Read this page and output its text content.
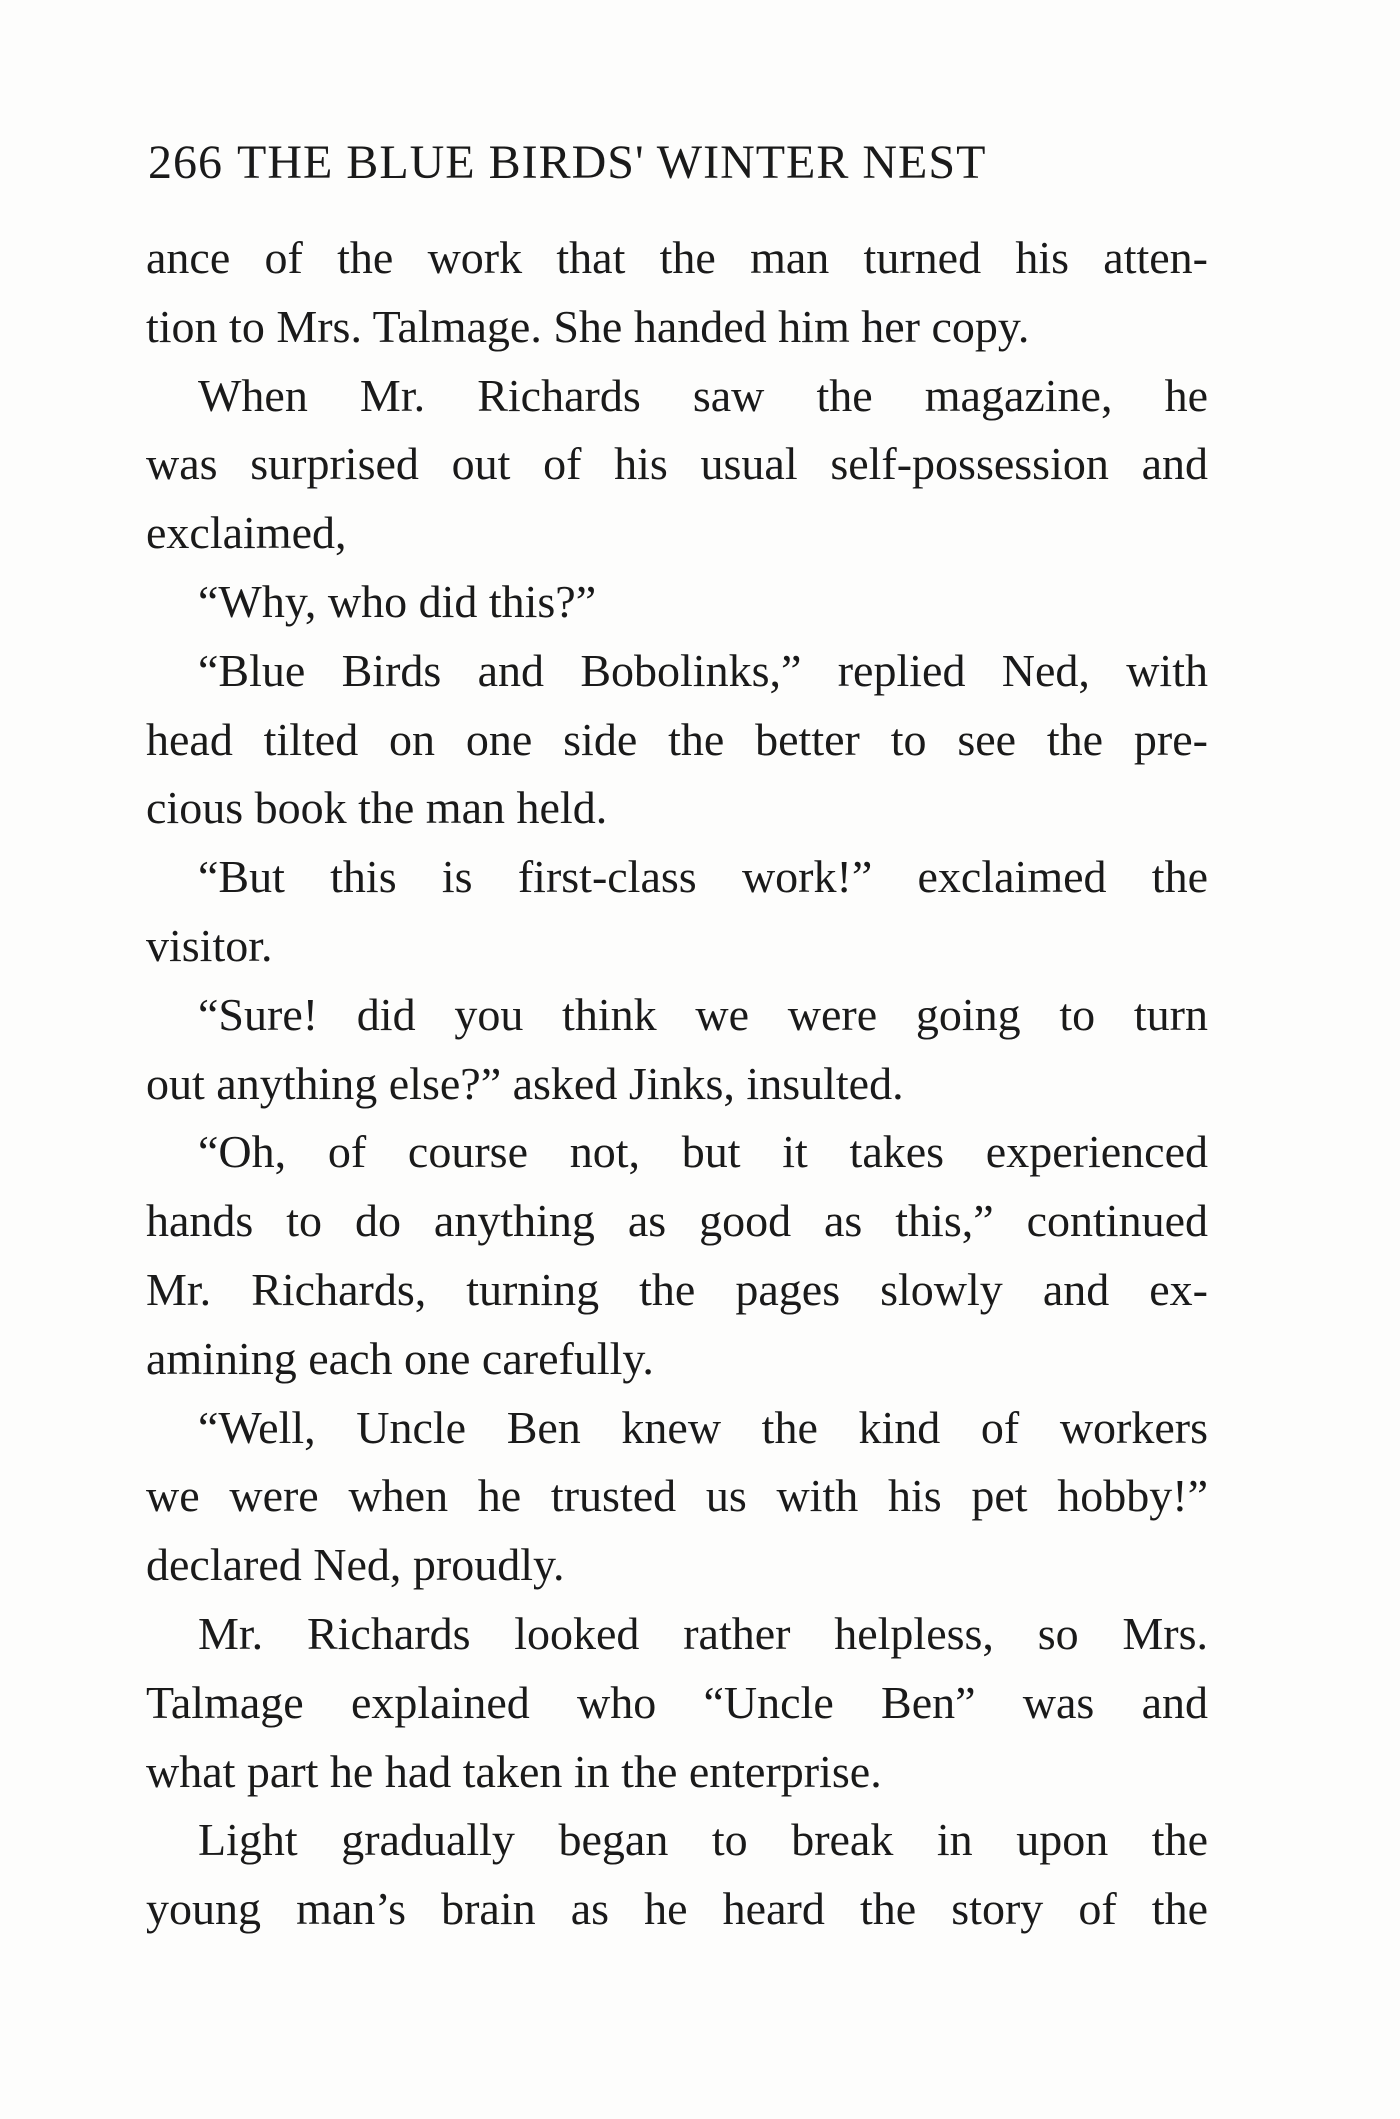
266 THE BLUE BIRDS' WINTER NEST
ance of the work that the man turned his atten-
tion to Mrs. Talmage. She handed him her copy.
When Mr. Richards saw the magazine, he
was surprised out of his usual self-possession and
exclaimed,
“Why, who did this?”
“Blue Birds and Bobolinks,” replied Ned, with
head tilted on one side the better to see the pre-
cious book the man held.
“But this is first-class work!” exclaimed the
visitor.
“Sure! did you think we were going to turn
out anything else?” asked Jinks, insulted.
“Oh, of course not, but it takes experienced
hands to do anything as good as this,” continued
Mr. Richards, turning the pages slowly and ex-
amining each one carefully.
“Well, Uncle Ben knew the kind of workers
we were when he trusted us with his pet hobby!”
declared Ned, proudly.
Mr. Richards looked rather helpless, so Mrs.
Talmage explained who “Uncle Ben” was and
what part he had taken in the enterprise.
Light gradually began to break in upon the
young man’s brain as he heard the story of the
